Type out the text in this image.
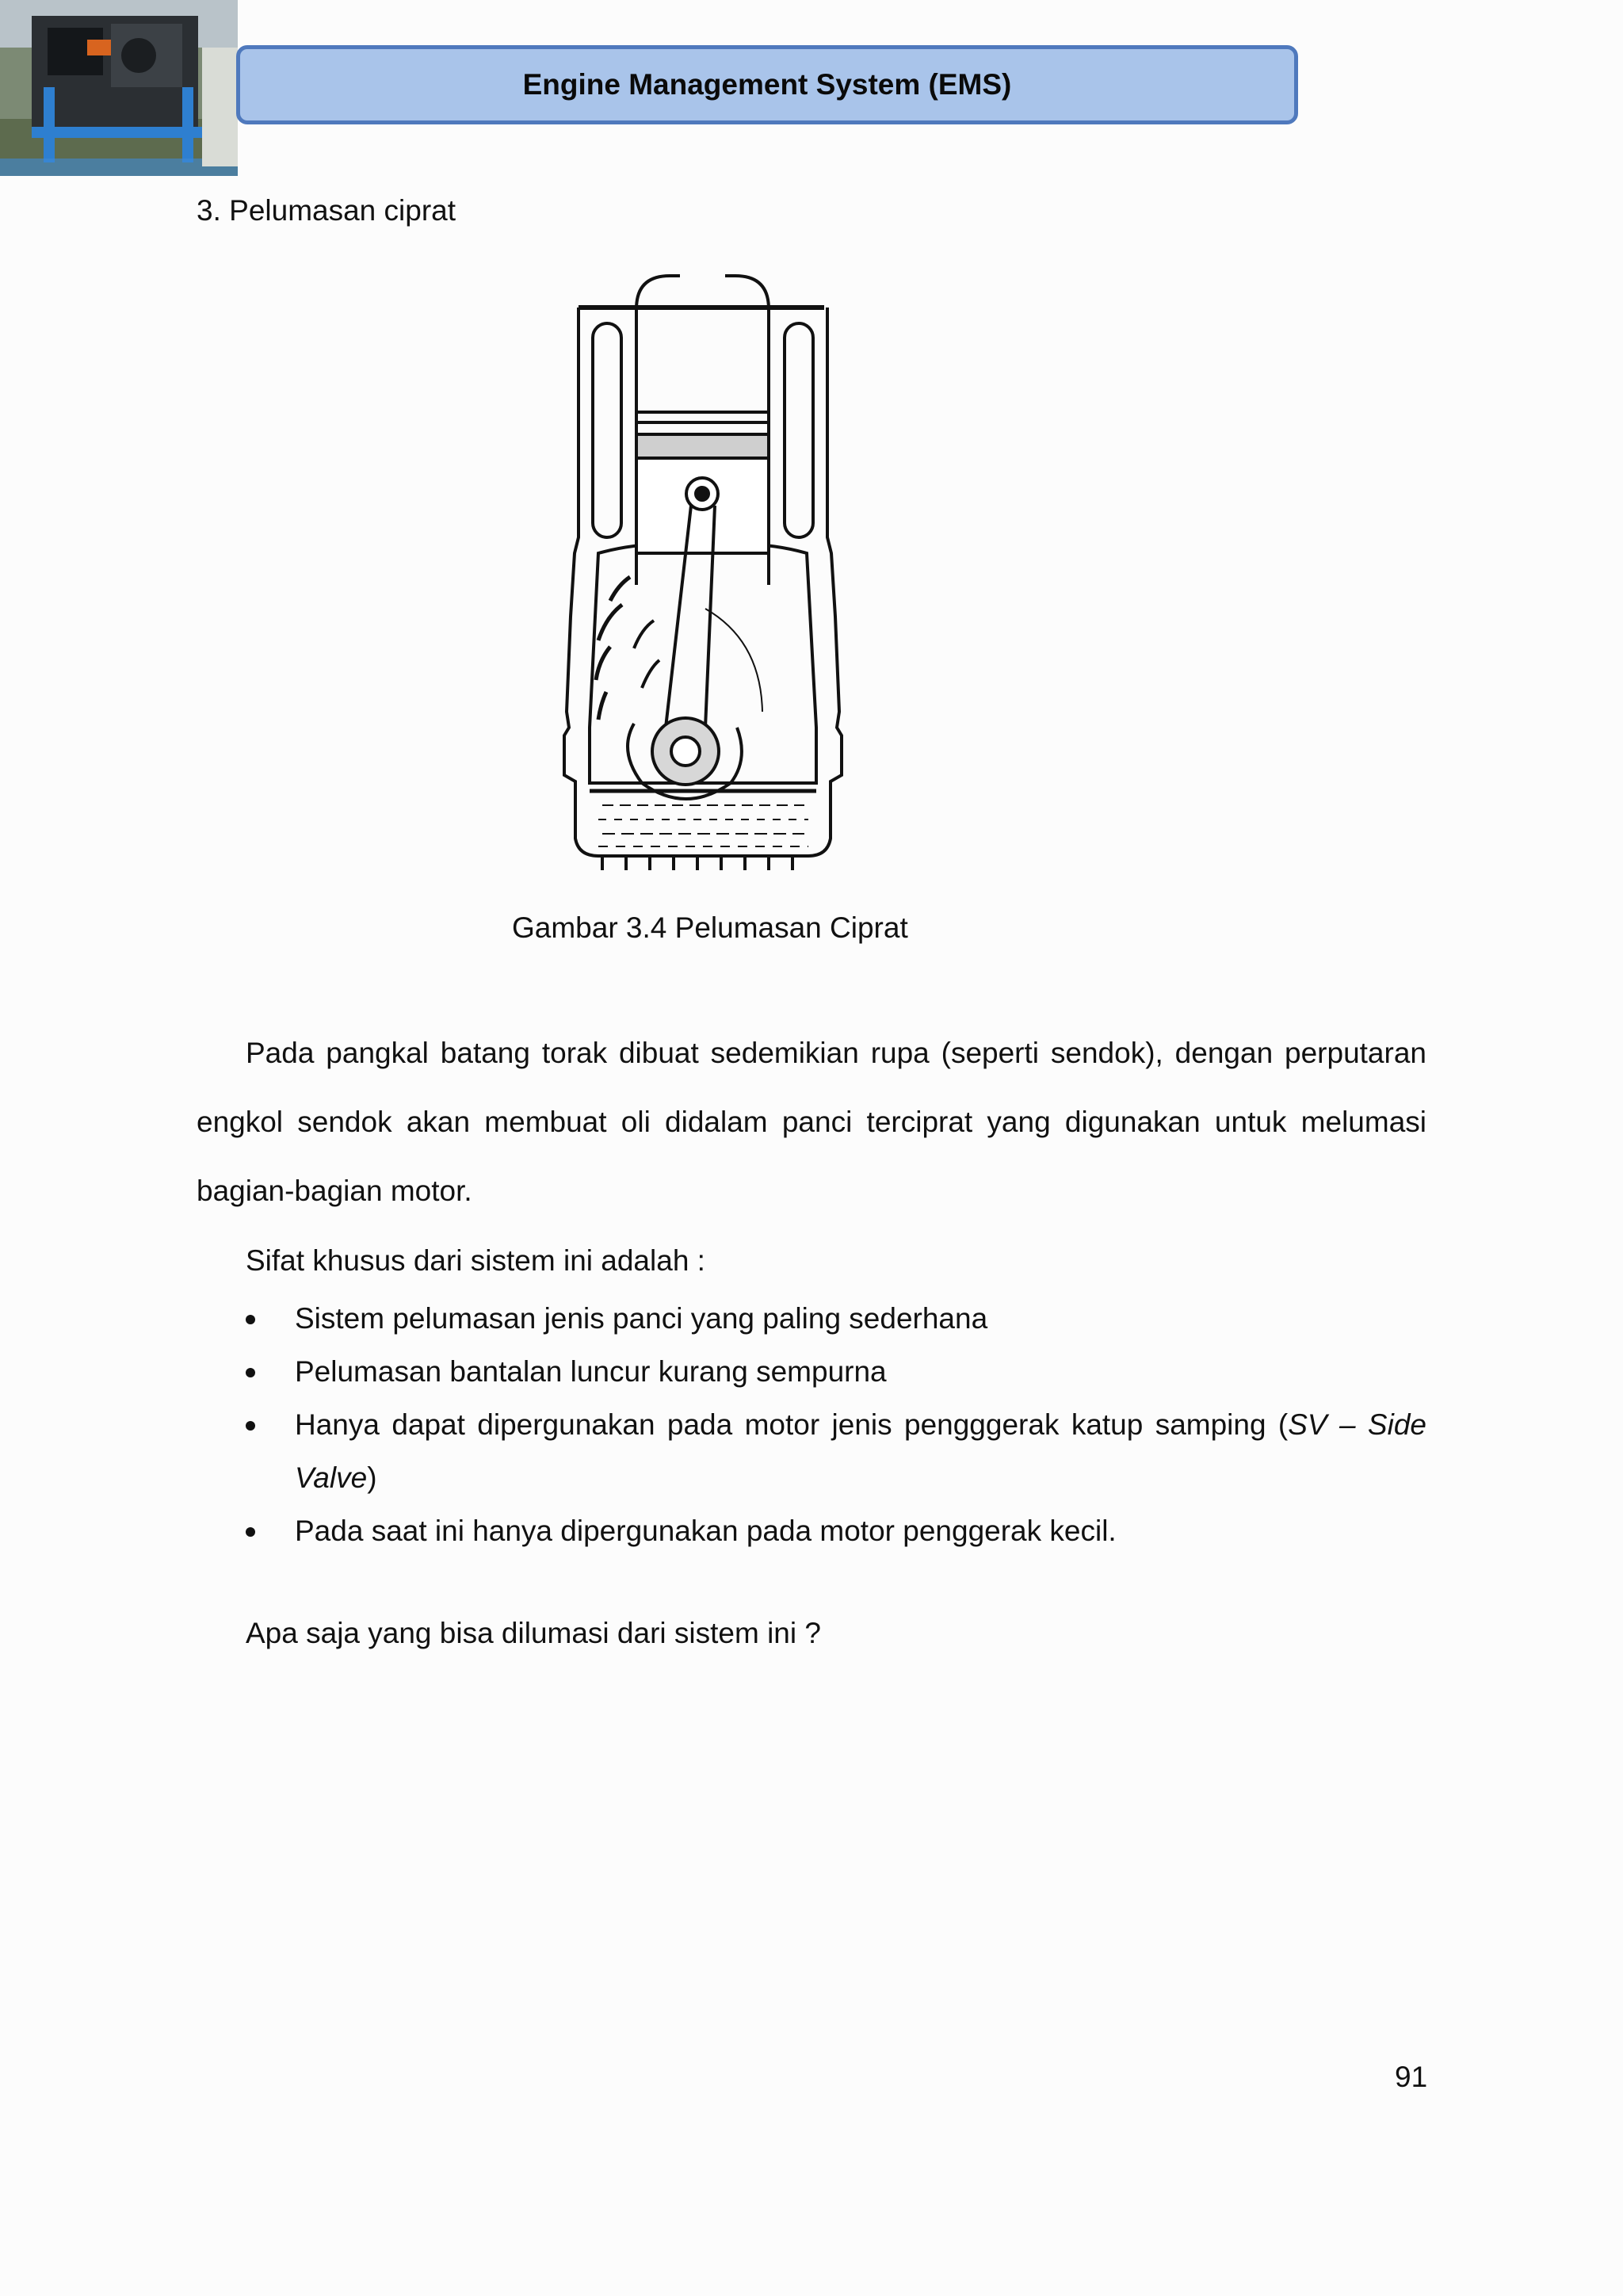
Engine Management System (EMS)
3. Pelumasan ciprat
Gambar 3.4 Pelumasan Ciprat

Pada pangkal batang torak dibuat sedemikian rupa (seperti sendok), dengan perputaran engkol sendok akan membuat oli didalam panci terciprat yang digunakan untuk melumasi bagian-bagian motor.

Sifat khusus dari sistem ini adalah :
Sistem pelumasan jenis panci yang paling sederhana
Pelumasan bantalan luncur kurang sempurna
Hanya dapat dipergunakan pada motor jenis pengggerak katup samping (SV – Side Valve)
Pada saat ini hanya dipergunakan pada motor penggerak kecil.
Apa saja yang bisa dilumasi dari sistem ini ?
91
